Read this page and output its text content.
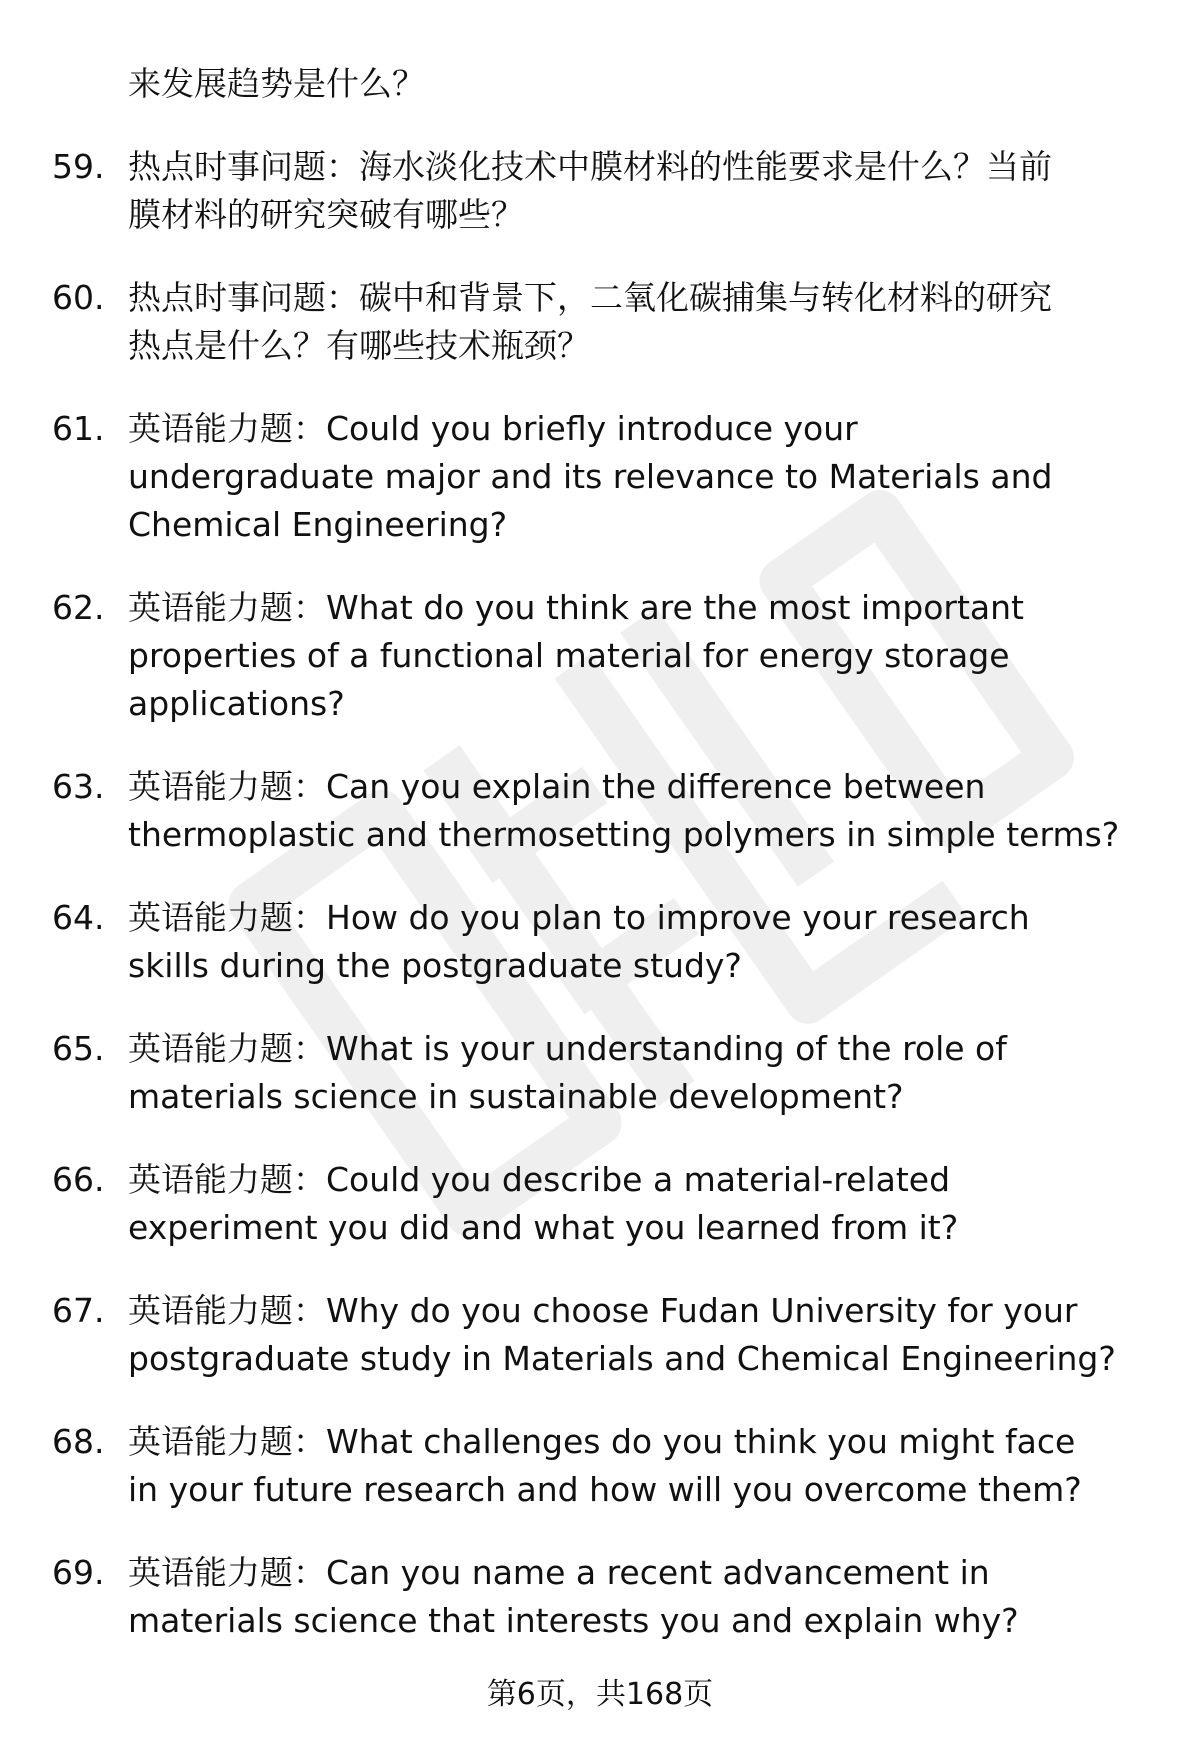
来发展趋势是什么？
59. 热点时事问题：海水淡化技术中膜材料的性能要求是什么？当前
膜材料的研究突破有哪些？
60. 热点时事问题：碳中和背景下，二氧化碳捕集与转化材料的研究
热点是什么？有哪些技术瓶颈？
61. 英语能力题：Could you briefly introduce your
undergraduate major and its relevance to Materials and
Chemical Engineering?
62. 英语能力题：What do you think are the most important
properties of a functional material for energy storage
applications?
63. 英语能力题：Can you explain the difference between
thermoplastic and thermosetting polymers in simple terms?
64. 英语能力题：How do you plan to improve your research
skills during the postgraduate study?
65. 英语能力题：What is your understanding of the role of
materials science in sustainable development?
66. 英语能力题：Could you describe a material-related
experiment you did and what you learned from it?
67. 英语能力题：Why do you choose Fudan University for your
postgraduate study in Materials and Chemical Engineering?
68. 英语能力题：What challenges do you think you might face
in your future research and how will you overcome them?
69. 英语能力题：Can you name a recent advancement in
materials science that interests you and explain why?
第6页，共168页
